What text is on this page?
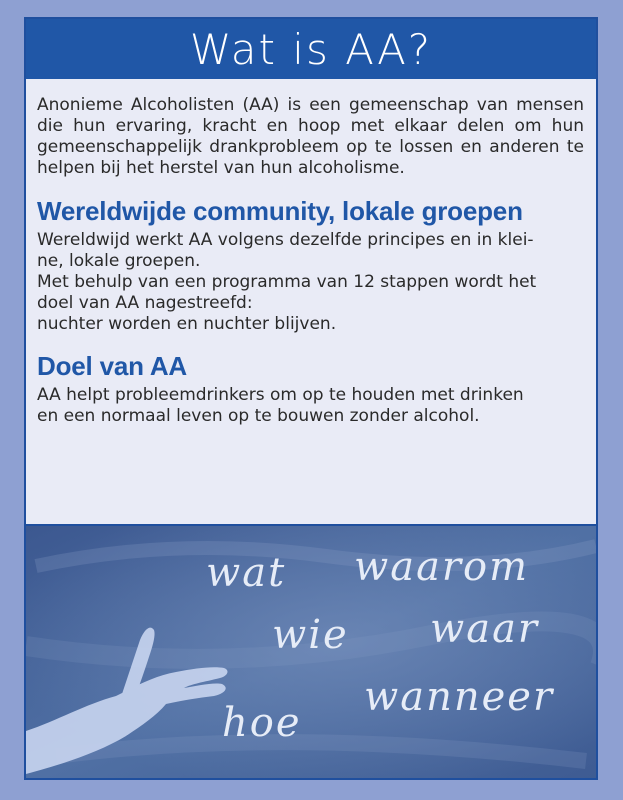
Wat is AA?

Anonieme Alcoholisten (AA) is een gemeenschap van mensen die hun ervaring, kracht en hoop met elkaar delen om hun gemeenschappelijk drankprobleem op te lossen en anderen te helpen bij het herstel van hun alcoholisme.

Wereldwijde community, lokale groepen

Wereldwijd werkt AA volgens dezelfde principes en in klei-
ne, lokale groepen.

Met behulp van een programma van 12 stappen wordt het
doel van AA nagestreefd:
nuchter worden en nuchter blijven.

Doel van AA

AA helpt probleemdrinkers om op te houden met drinken
en een normaal leven op te bouwen zonder alcohol.

wat waarom
wie waar
hoe
wanneer
